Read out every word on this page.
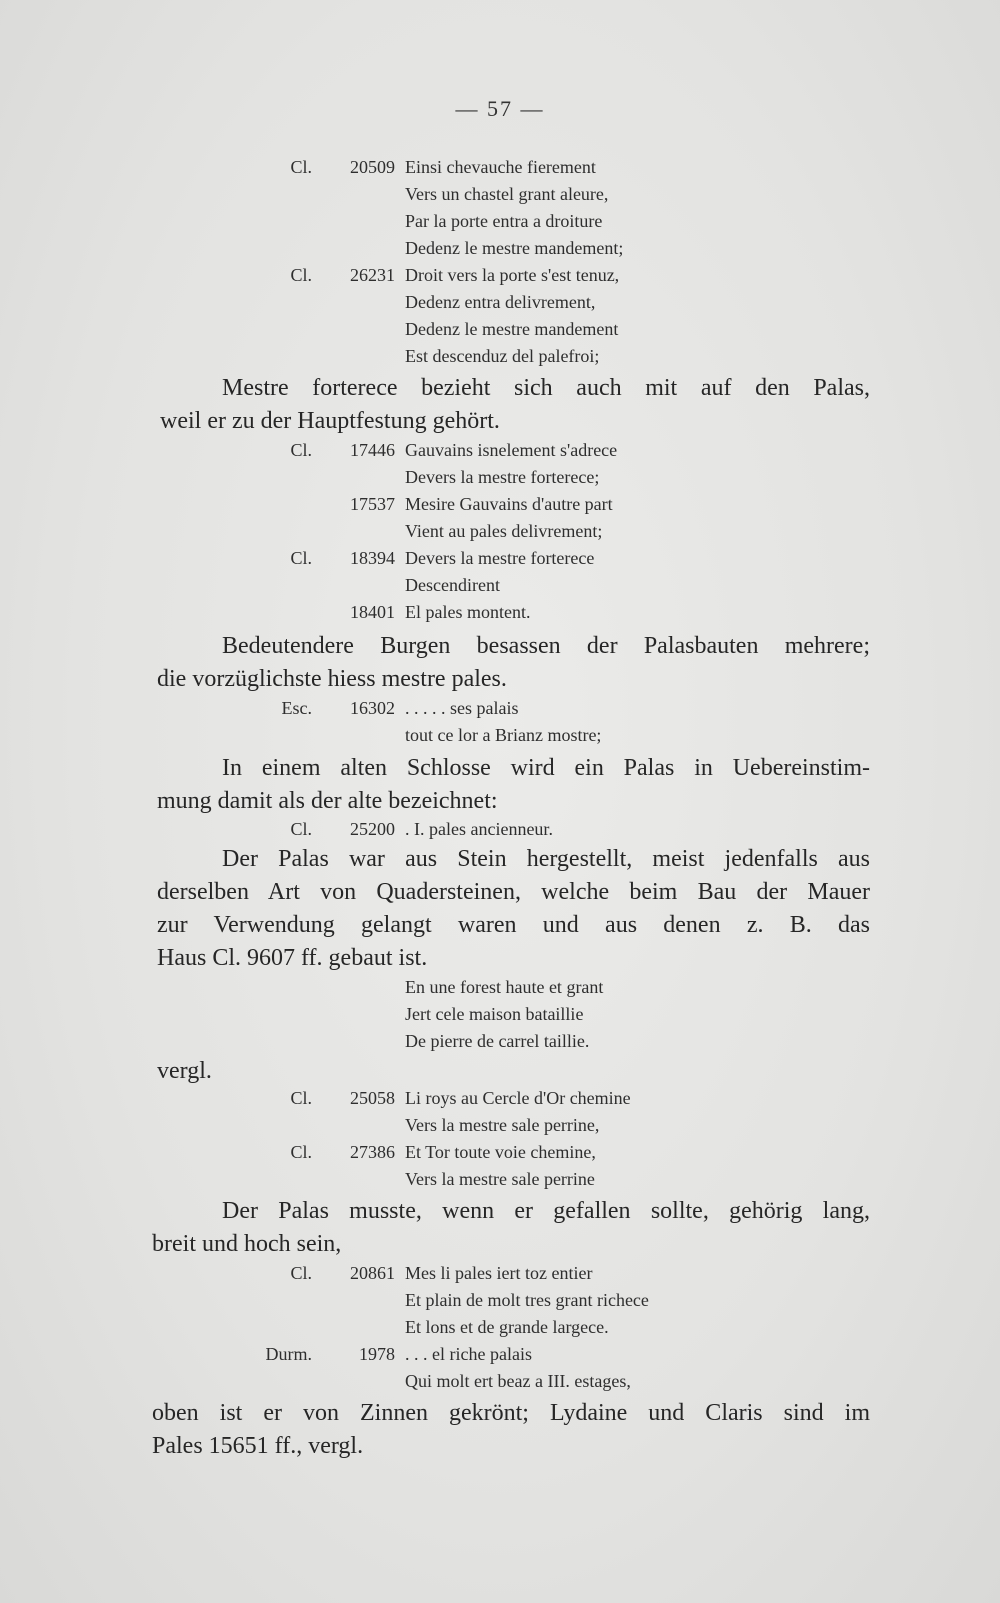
— 57 —
Cl. 20509 Einsi chevauche fierement
Vers un chastel grant aleure,
Par la porte entra a droiture
Dedenz le mestre mandement;
Cl. 26231 Droit vers la porte s'est tenuz,
Dedenz entra delivrement,
Dedenz le mestre mandement
Est descenduz del palefroi;
Mestre forterece bezieht sich auch mit auf den Palas,
weil er zu der Hauptfestung gehört.
Cl. 17446 Gauvains isnelement s'adrece
Devers la mestre forterece;
17537 Mesire Gauvains d'autre part
Vient au pales delivrement;
Cl. 18394 Devers la mestre forterece
Descendirent
18401 El pales montent.
Bedeutendere Burgen besassen der Palasbauten mehrere;
die vorzüglichste hiess mestre pales.
Esc. 16302 . . . . . ses palais
tout ce lor a Brianz mostre;
In einem alten Schlosse wird ein Palas in Uebereinstim-
mung damit als der alte bezeichnet:
Cl. 25200 . I. pales ancienneur.
Der Palas war aus Stein hergestellt, meist jedenfalls aus
derselben Art von Quadersteinen, welche beim Bau der Mauer
zur Verwendung gelangt waren und aus denen z. B. das
Haus Cl. 9607 ff. gebaut ist.
En une forest haute et grant
Jert cele maison bataillie
De pierre de carrel taillie.
vergl.
Cl. 25058 Li roys au Cercle d'Or chemine
Vers la mestre sale perrine,
Cl. 27386 Et Tor toute voie chemine,
Vers la mestre sale perrine
Der Palas musste, wenn er gefallen sollte, gehörig lang,
breit und hoch sein,
Cl. 20861 Mes li pales iert toz entier
Et plain de molt tres grant richece
Et lons et de grande largece.
Durm.	1978 . . . el riche palais
Qui molt ert beaz a III. estages,
oben ist er von Zinnen gekrönt; Lydaine und Claris sind im
Pales 15651 ff., vergl.
